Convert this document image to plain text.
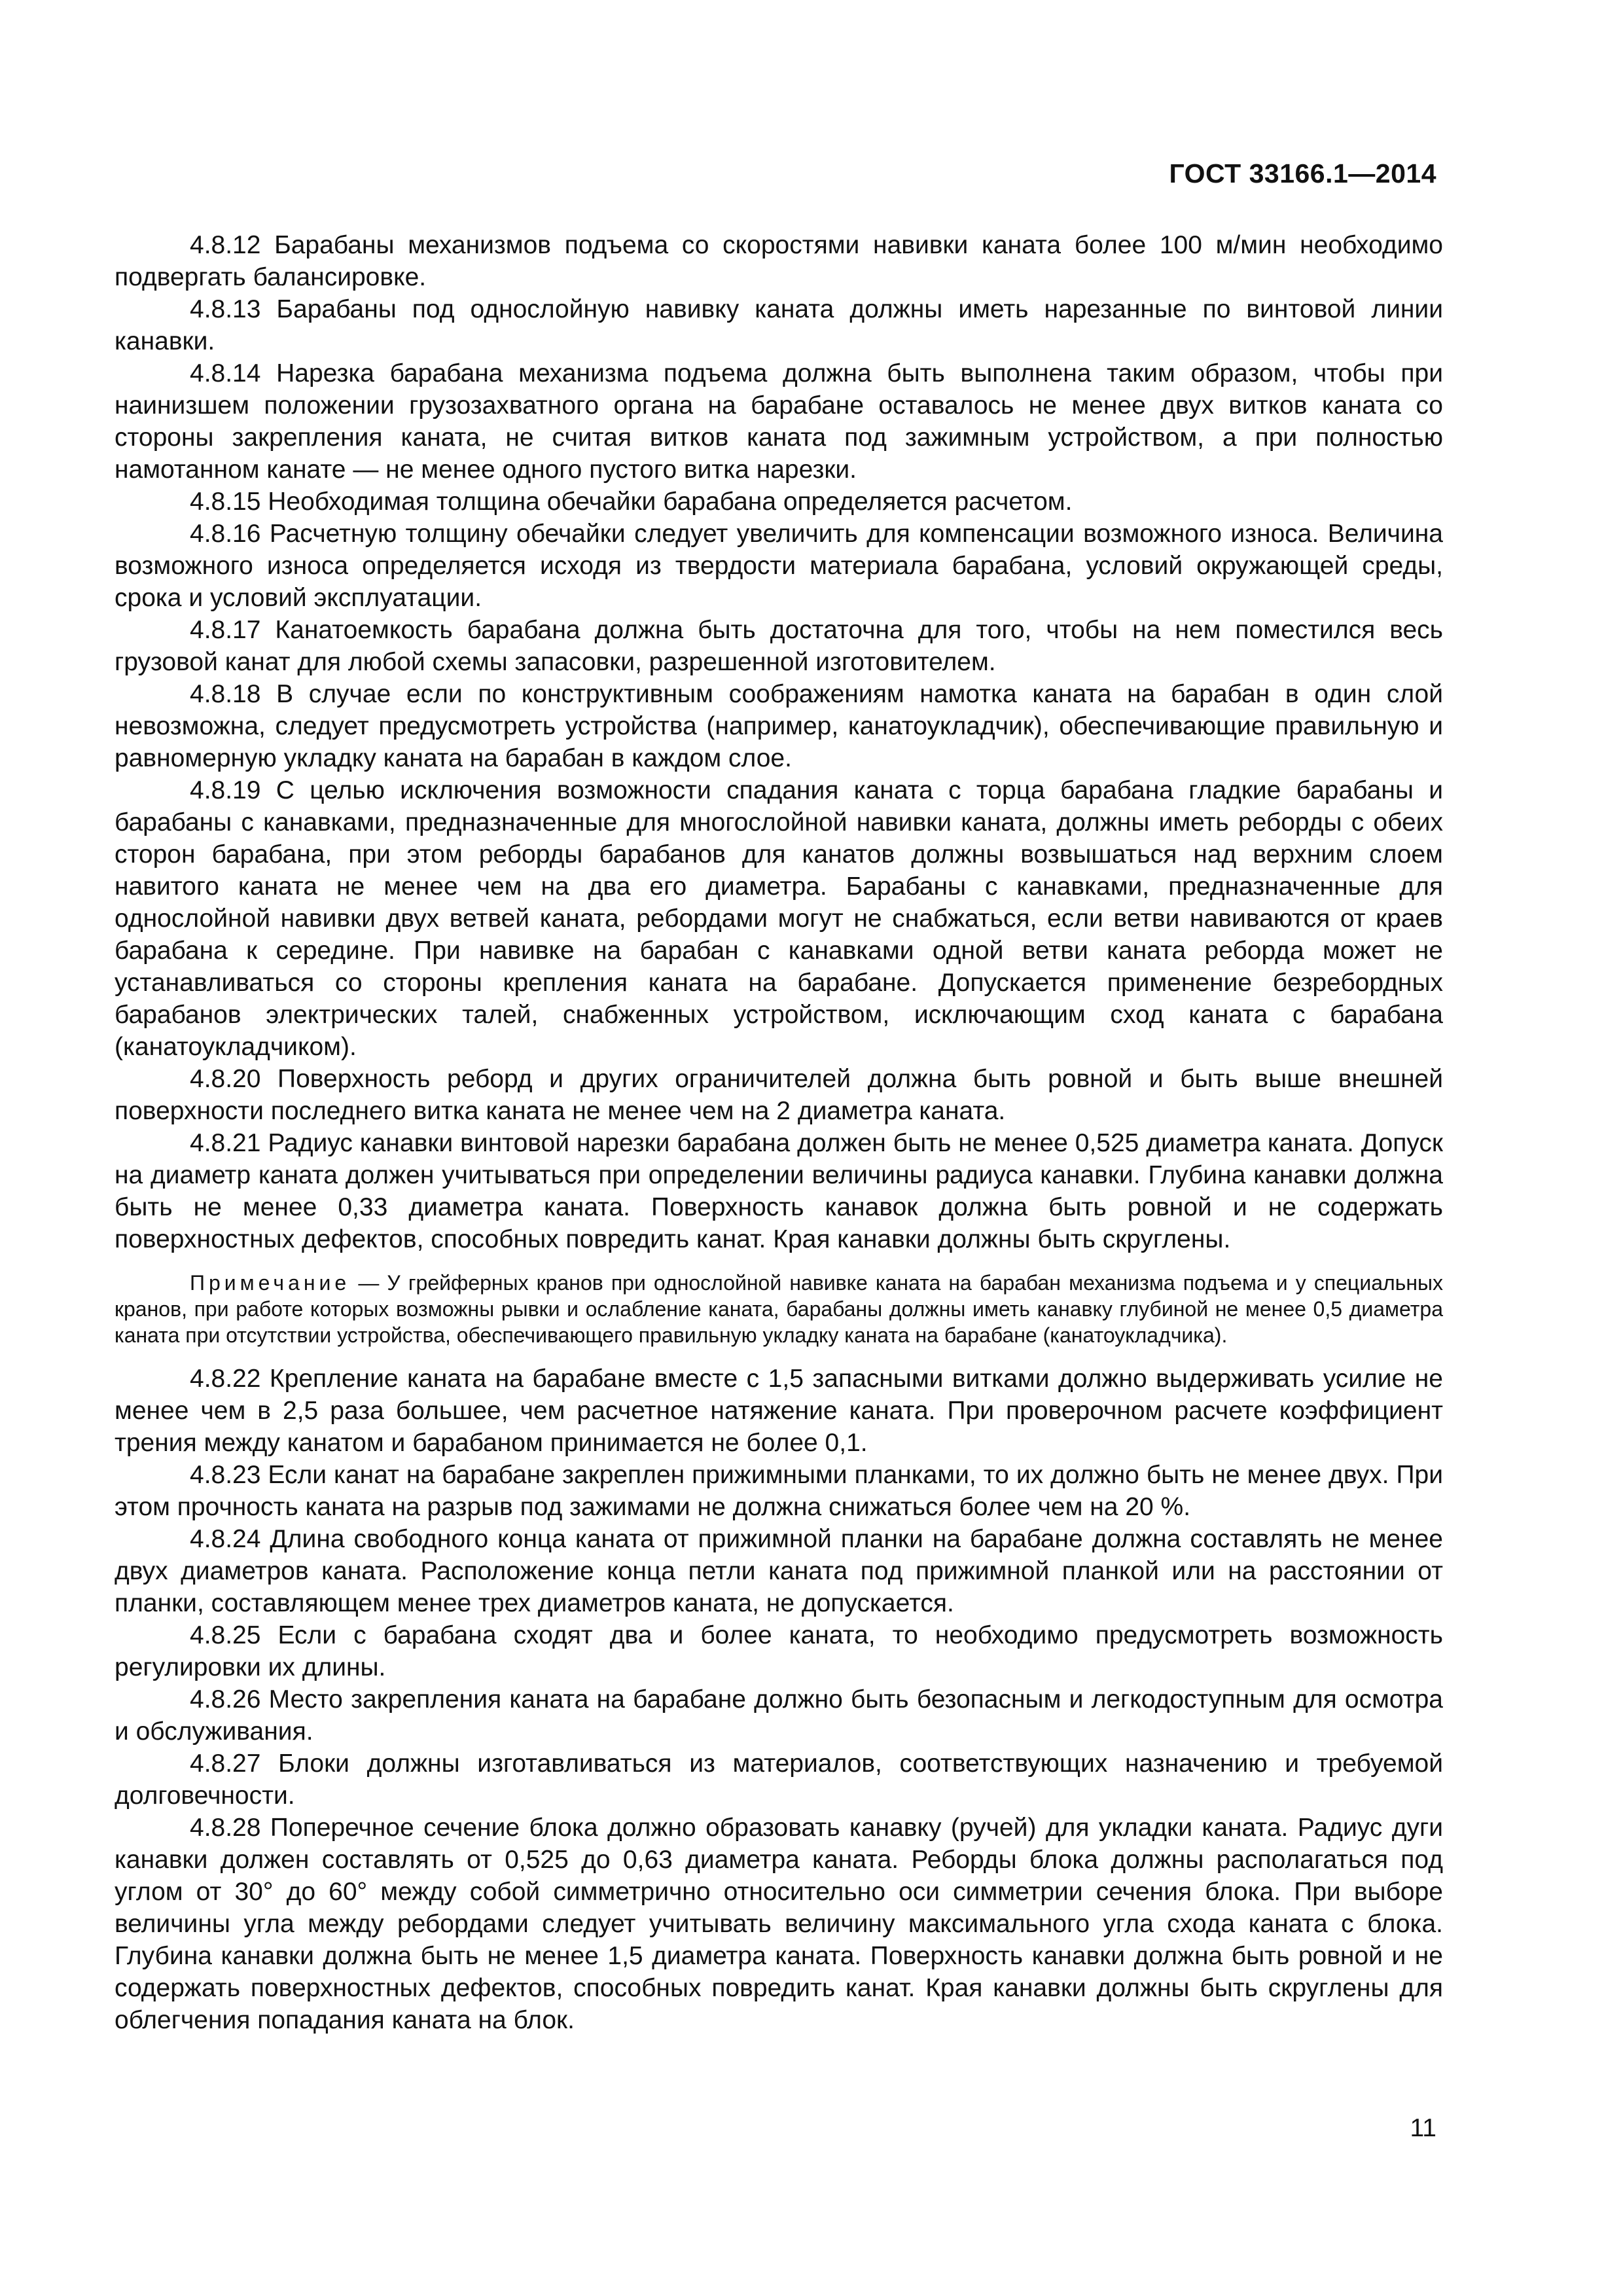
ГОСТ 33166.1—2014

4.8.12 Барабаны механизмов подъема со скоростями навивки каната более 100 м/мин необходимо подвергать балансировке.

4.8.13 Барабаны под однослойную навивку каната должны иметь нарезанные по винтовой линии канавки.

4.8.14 Нарезка барабана механизма подъема должна быть выполнена таким образом, чтобы при наинизшем положении грузозахватного органа на барабане оставалось не менее двух витков каната со стороны закрепления каната, не считая витков каната под зажимным устройством, а при полностью намотанном канате — не менее одного пустого витка нарезки.

4.8.15 Необходимая толщина обечайки барабана определяется расчетом.

4.8.16 Расчетную толщину обечайки следует увеличить для компенсации возможного износа. Величина возможного износа определяется исходя из твердости материала барабана, условий окружающей среды, срока и условий эксплуатации.

4.8.17 Канатоемкость барабана должна быть достаточна для того, чтобы на нем поместился весь грузовой канат для любой схемы запасовки, разрешенной изготовителем.

4.8.18 В случае если по конструктивным соображениям намотка каната на барабан в один слой невозможна, следует предусмотреть устройства (например, канатоукладчик), обеспечивающие правильную и равномерную укладку каната на барабан в каждом слое.

4.8.19 С целью исключения возможности спадания каната с торца барабана гладкие барабаны и барабаны с канавками, предназначенные для многослойной навивки каната, должны иметь реборды с обеих сторон барабана, при этом реборды барабанов для канатов должны возвышаться над верхним слоем навитого каната не менее чем на два его диаметра. Барабаны с канавками, предназначенные для однослойной навивки двух ветвей каната, ребордами могут не снабжаться, если ветви навиваются от краев барабана к середине. При навивке на барабан с канавками одной ветви каната реборда может не устанавливаться со стороны крепления каната на барабане. Допускается применение безребордных барабанов электрических талей, снабженных устройством, исключающим сход каната с барабана (канатоукладчиком).

4.8.20 Поверхность реборд и других ограничителей должна быть ровной и быть выше внешней поверхности последнего витка каната не менее чем на 2 диаметра каната.

4.8.21 Радиус канавки винтовой нарезки барабана должен быть не менее 0,525 диаметра каната. Допуск на диаметр каната должен учитываться при определении величины радиуса канавки. Глубина канавки должна быть не менее 0,33 диаметра каната. Поверхность канавок должна быть ровной и не содержать поверхностных дефектов, способных повредить канат. Края канавки должны быть скруглены.

Примечание — У грейферных кранов при однослойной навивке каната на барабан механизма подъема и у специальных кранов, при работе которых возможны рывки и ослабление каната, барабаны должны иметь канавку глубиной не менее 0,5 диаметра каната при отсутствии устройства, обеспечивающего правильную укладку каната на барабане (канатоукладчика).

4.8.22 Крепление каната на барабане вместе с 1,5 запасными витками должно выдерживать усилие не менее чем в 2,5 раза большее, чем расчетное натяжение каната. При проверочном расчете коэффициент трения между канатом и барабаном принимается не более 0,1.

4.8.23 Если канат на барабане закреплен прижимными планками, то их должно быть не менее двух. При этом прочность каната на разрыв под зажимами не должна снижаться более чем на 20 %.

4.8.24 Длина свободного конца каната от прижимной планки на барабане должна составлять не менее двух диаметров каната. Расположение конца петли каната под прижимной планкой или на расстоянии от планки, составляющем менее трех диаметров каната, не допускается.

4.8.25 Если с барабана сходят два и более каната, то необходимо предусмотреть возможность регулировки их длины.

4.8.26 Место закрепления каната на барабане должно быть безопасным и легкодоступным для осмотра и обслуживания.

4.8.27 Блоки должны изготавливаться из материалов, соответствующих назначению и требуемой долговечности.

4.8.28 Поперечное сечение блока должно образовать канавку (ручей) для укладки каната. Радиус дуги канавки должен составлять от 0,525 до 0,63 диаметра каната. Реборды блока должны располагаться под углом от 30° до 60° между собой симметрично относительно оси симметрии сечения блока. При выборе величины угла между ребордами следует учитывать величину максимального угла схода каната с блока. Глубина канавки должна быть не менее 1,5 диаметра каната. Поверхность канавки должна быть ровной и не содержать поверхностных дефектов, способных повредить канат. Края канавки должны быть скруглены для облегчения попадания каната на блок.

11
